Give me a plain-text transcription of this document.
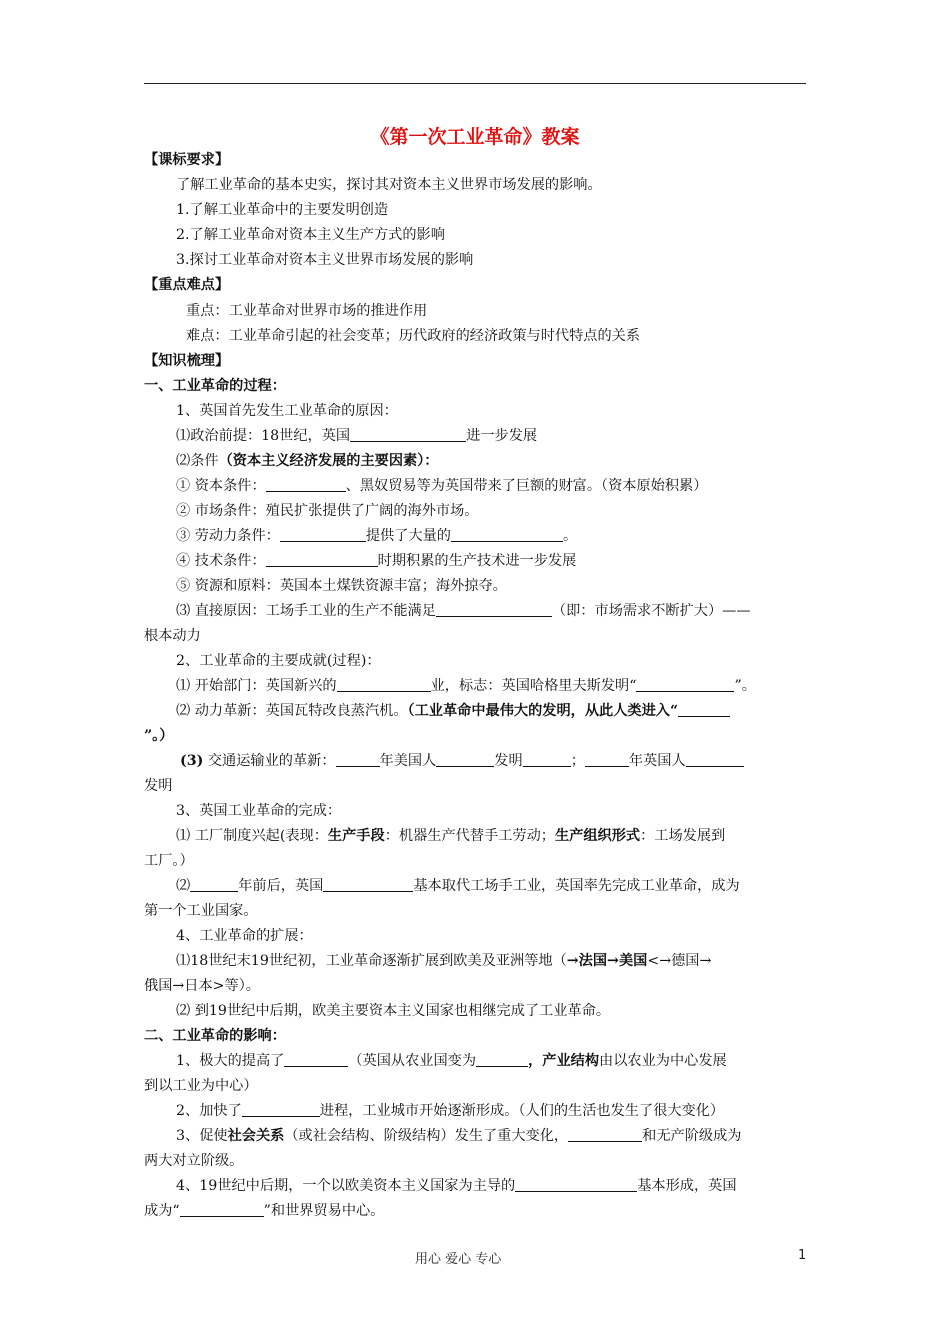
《第一次工业革命》教案
【课标要求】
了解工业革命的基本史实，探讨其对资本主义世界市场发展的影响。
1.了解工业革命中的主要发明创造
2.了解工业革命对资本主义生产方式的影响
3.探讨工业革命对资本主义世界市场发展的影响
【重点难点】
重点：工业革命对世界市场的推进作用
难点：工业革命引起的社会变革；历代政府的经济政策与时代特点的关系
【知识梳理】
一、工业革命的过程：
1、英国首先发生工业革命的原因：
⑴政治前提：18世纪，英国	进一步发展
⑵条件（资本主义经济发展的主要因素）：
① 资本条件：	、黑奴贸易等为英国带来了巨额的财富。（资本原始积累）
② 市场条件：殖民扩张提供了广阔的海外市场。
③ 劳动力条件：	提供了大量的	。
④ 技术条件：	时期积累的生产技术进一步发展
⑤ 资源和原料：英国本土煤铁资源丰富；海外掠夺。
⑶ 直接原因：工场手工业的生产不能满足	（即：市场需求不断扩大）——
根本动力
2、工业革命的主要成就(过程)：
⑴ 开始部门：英国新兴的	业，标志：英国哈格里夫斯发明“	”。
⑵ 动力革新：英国瓦特改良蒸汽机。（工业革命中最伟大的发明，从此人类进入“
”。）
(3) 交通运输业的革新：	年美国人	发明	；	年英国人
发明
3、英国工业革命的完成：
⑴ 工厂制度兴起(表现：生产手段：机器生产代替手工劳动；生产组织形式：工场发展到
工厂。）
⑵	年前后，英国	基本取代工场手工业，英国率先完成工业革命，成为
第一个工业国家。
4、工业革命的扩展：
⑴18世纪末19世纪初，工业革命逐渐扩展到欧美及亚洲等地（→法国→美国<→德国→
俄国→日本>等）。
⑵ 到19世纪中后期，欧美主要资本主义国家也相继完成了工业革命。
二、工业革命的影响：
1、极大的提高了	（英国从农业国变为	，产业结构由以农业为中心发展
到以工业为中心）
2、加快了	进程，工业城市开始逐渐形成。（人们的生活也发生了很大变化）
3、促使社会关系（或社会结构、阶级结构）发生了重大变化，	和无产阶级成为
两大对立阶级。
4、19世纪中后期，一个以欧美资本主义国家为主导的	基本形成，英国
成为“	”和世界贸易中心。
用心 爱心 专心	1
